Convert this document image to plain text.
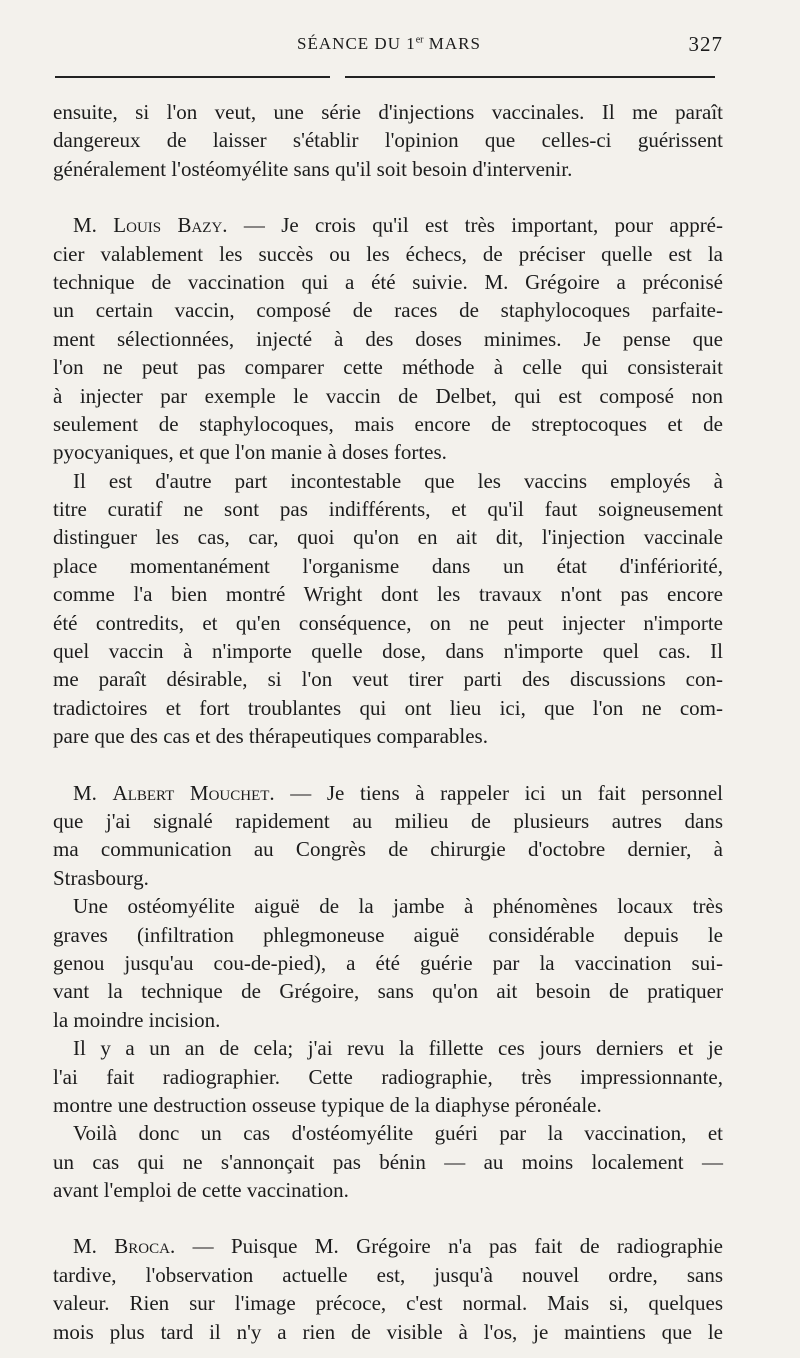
SÉANCE DU 1er MARS	327
ensuite, si l'on veut, une série d'injections vaccinales. Il me paraît
dangereux de laisser s'établir l'opinion que celles-ci guérissent
généralement l'ostéomyélite sans qu'il soit besoin d'intervenir.
M. Louis Bazy. — Je crois qu'il est très important, pour appré-
cier valablement les succès ou les échecs, de préciser quelle est la
technique de vaccination qui a été suivie. M. Grégoire a préconisé
un certain vaccin, composé de races de staphylocoques parfaite-
ment sélectionnées, injecté à des doses minimes. Je pense que
l'on ne peut pas comparer cette méthode à celle qui consisterait
à injecter par exemple le vaccin de Delbet, qui est composé non
seulement de staphylocoques, mais encore de streptocoques et de
pyocyaniques, et que l'on manie à doses fortes.
Il est d'autre part incontestable que les vaccins employés à
titre curatif ne sont pas indifférents, et qu'il faut soigneusement
distinguer les cas, car, quoi qu'on en ait dit, l'injection vaccinale
place momentanément l'organisme dans un état d'infériorité,
comme l'a bien montré Wright dont les travaux n'ont pas encore
été contredits, et qu'en conséquence, on ne peut injecter n'importe
quel vaccin à n'importe quelle dose, dans n'importe quel cas. Il
me paraît désirable, si l'on veut tirer parti des discussions con-
tradictoires et fort troublantes qui ont lieu ici, que l'on ne com-
pare que des cas et des thérapeutiques comparables.
M. Albert Mouchet. — Je tiens à rappeler ici un fait personnel
que j'ai signalé rapidement au milieu de plusieurs autres dans
ma communication au Congrès de chirurgie d'octobre dernier, à
Strasbourg.
Une ostéomyélite aiguë de la jambe à phénomènes locaux très
graves (infiltration phlegmoneuse aiguë considérable depuis le
genou jusqu'au cou-de-pied), a été guérie par la vaccination sui-
vant la technique de Grégoire, sans qu'on ait besoin de pratiquer
la moindre incision.
Il y a un an de cela; j'ai revu la fillette ces jours derniers et je
l'ai fait radiographier. Cette radiographie, très impressionnante,
montre une destruction osseuse typique de la diaphyse péronéale.
Voilà donc un cas d'ostéomyélite guéri par la vaccination, et
un cas qui ne s'annonçait pas bénin — au moins localement —
avant l'emploi de cette vaccination.
M. Broca. — Puisque M. Grégoire n'a pas fait de radiographie
tardive, l'observation actuelle est, jusqu'à nouvel ordre, sans
valeur. Rien sur l'image précoce, c'est normal. Mais si, quelques
mois plus tard il n'y a rien de visible à l'os, je maintiens que le
